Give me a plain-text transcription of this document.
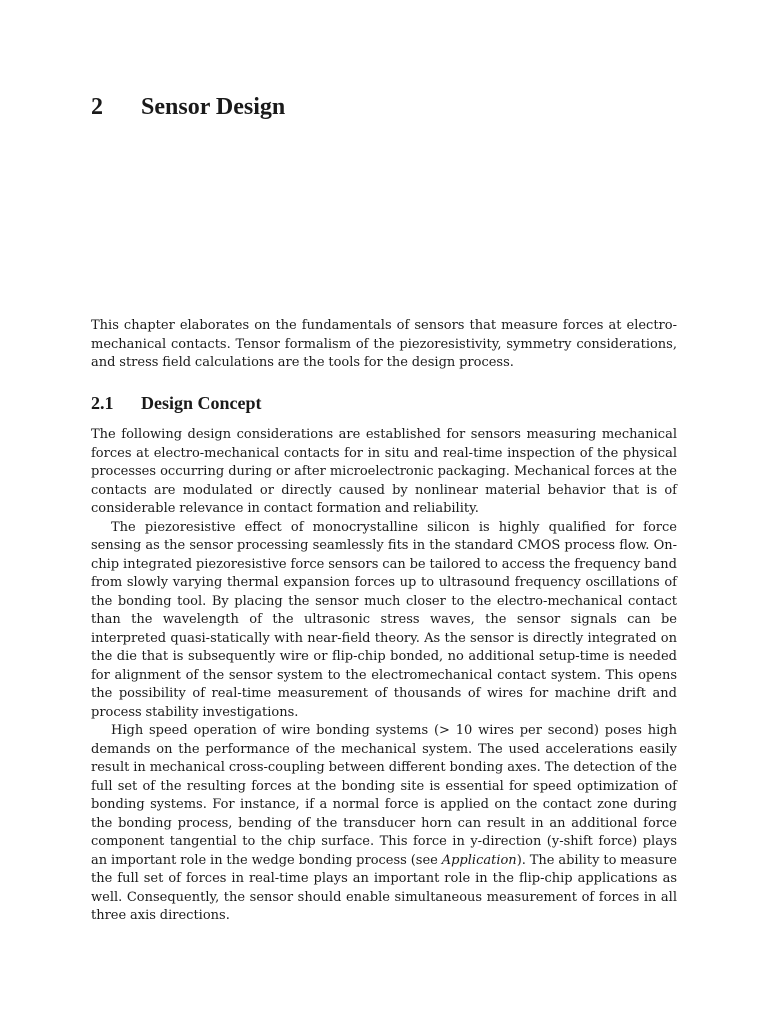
2 Sensor Design

This chapter elaborates on the fundamentals of sensors that measure forces at electro-mechanical contacts. Tensor formalism of the piezoresistivity, symmetry considerations, and stress field calculations are the tools for the design process.

2.1 Design Concept

The following design considerations are established for sensors measuring mechanical forces at electro-mechanical contacts for in situ and real-time inspection of the physical processes occurring during or after microelectronic packaging. Mechanical forces at the contacts are modulated or directly caused by nonlinear material behavior that is of considerable relevance in contact formation and reliability.

The piezoresistive effect of monocrystalline silicon is highly qualified for force sensing as the sensor processing seamlessly fits in the standard CMOS process flow. On-chip integrated piezoresistive force sensors can be tailored to access the frequency band from slowly varying thermal expansion forces up to ultrasound frequency oscillations of the bonding tool. By placing the sensor much closer to the electro-mechanical contact than the wavelength of the ultrasonic stress waves, the sensor signals can be interpreted quasi-statically with near-field theory. As the sensor is directly integrated on the die that is subsequently wire or flip-chip bonded, no additional setup-time is needed for alignment of the sensor system to the electromechanical contact system. This opens the possibility of real-time measurement of thousands of wires for machine drift and process stability investigations.

High speed operation of wire bonding systems (> 10 wires per second) poses high demands on the performance of the mechanical system. The used accelerations easily result in mechanical cross-coupling between different bonding axes. The detection of the full set of the resulting forces at the bonding site is essential for speed optimization of bonding systems. For instance, if a normal force is applied on the contact zone during the bonding process, bending of the transducer horn can result in an additional force component tangential to the chip surface. This force in y-direction (y-shift force) plays an important role in the wedge bonding process (see Application). The ability to measure the full set of forces in real-time plays an important role in the flip-chip applications as well. Consequently, the sensor should enable simultaneous measurement of forces in all three axis directions.
